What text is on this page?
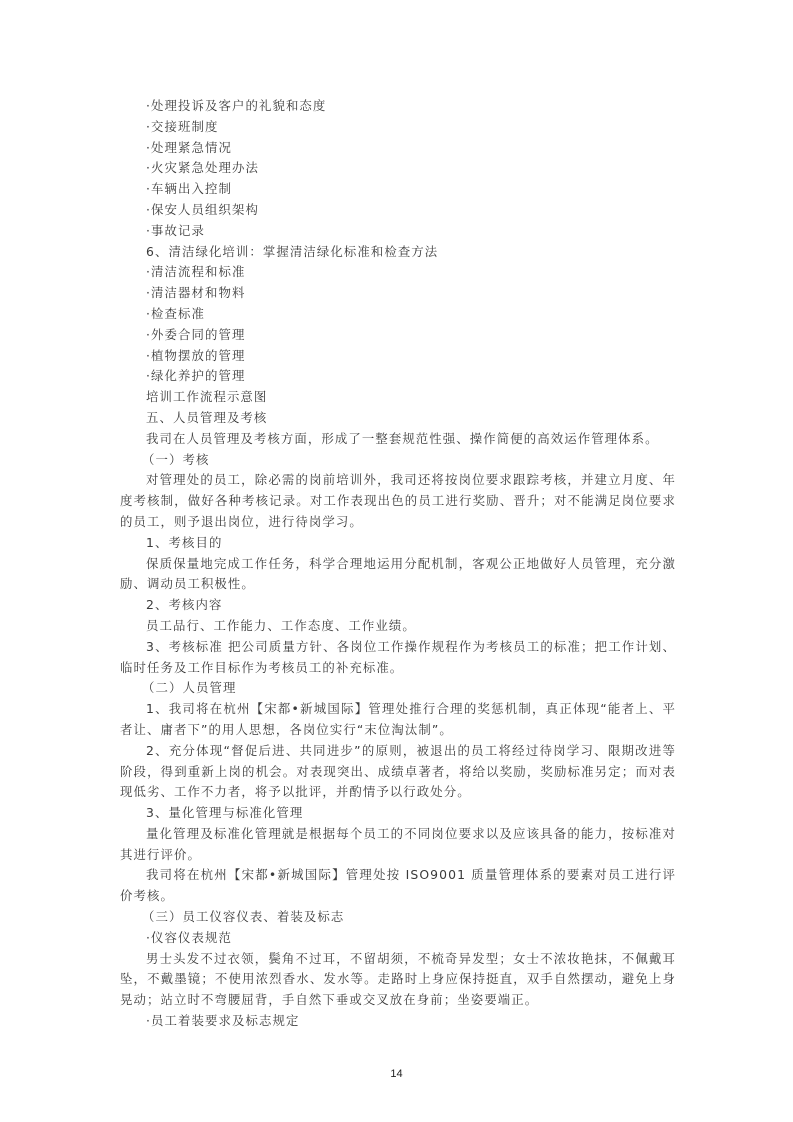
·处理投诉及客户的礼貌和态度

·交接班制度

·处理紧急情况

·火灾紧急处理办法

·车辆出入控制

·保安人员组织架构

·事故记录

6、清洁绿化培训：掌握清洁绿化标准和检查方法

·清洁流程和标准

·清洁器材和物料

·检查标准

·外委合同的管理

·植物摆放的管理

·绿化养护的管理

培训工作流程示意图

五、人员管理及考核

我司在人员管理及考核方面，形成了一整套规范性强、操作简便的高效运作管理体系。

（一）考核

对管理处的员工，除必需的岗前培训外，我司还将按岗位要求跟踪考核，并建立月度、年度考核制，做好各种考核记录。对工作表现出色的员工进行奖励、晋升；对不能满足岗位要求的员工，则予退出岗位，进行待岗学习。

1、考核目的

保质保量地完成工作任务，科学合理地运用分配机制，客观公正地做好人员管理，充分激励、调动员工积极性。

2、考核内容

员工品行、工作能力、工作态度、工作业绩。

3、考核标准 把公司质量方针、各岗位工作操作规程作为考核员工的标准；把工作计划、临时任务及工作目标作为考核员工的补充标准。

（二）人员管理

1、我司将在杭州【宋都•新城国际】管理处推行合理的奖惩机制，真正体现“能者上、平者让、庸者下”的用人思想，各岗位实行“末位淘汰制”。

2、充分体现“督促后进、共同进步”的原则，被退出的员工将经过待岗学习、限期改进等阶段，得到重新上岗的机会。对表现突出、成绩卓著者，将给以奖励，奖励标准另定；而对表现低劣、工作不力者，将予以批评，并酌情予以行政处分。

3、量化管理与标准化管理

量化管理及标准化管理就是根据每个员工的不同岗位要求以及应该具备的能力，按标准对其进行评价。

我司将在杭州【宋都•新城国际】管理处按 ISO9001 质量管理体系的要素对员工进行评价考核。

（三）员工仪容仪表、着装及标志

·仪容仪表规范

男士头发不过衣领，鬓角不过耳，不留胡须，不梳奇异发型；女士不浓妆艳抹，不佩戴耳坠，不戴墨镜；不使用浓烈香水、发水等。走路时上身应保持挺直，双手自然摆动，避免上身晃动；站立时不弯腰屈背，手自然下垂或交叉放在身前；坐姿要端正。

·员工着装要求及标志规定

14
